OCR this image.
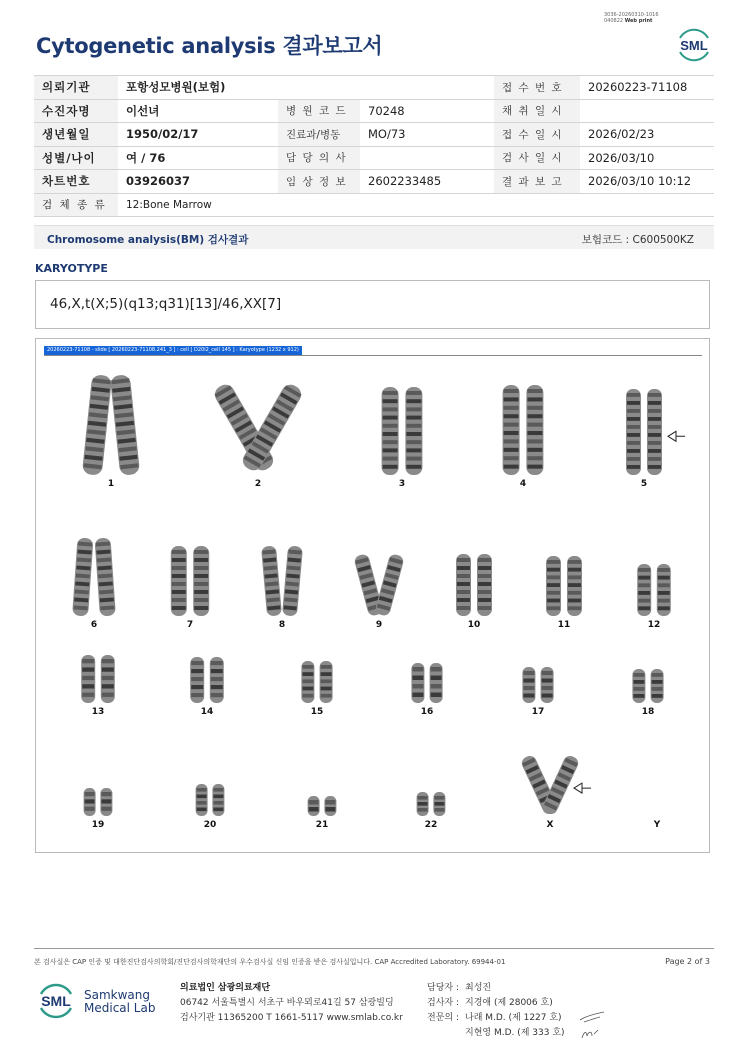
3036-20260310-1016
040822 Web print
Cytogenetic analysis 결과보고서	SML
의뢰기관	포항성모병원(보험)			접 수 번 호	20260223-71108
수진자명	이선녀	병 원 코 드	70248	채 취 일 시	
생년월일	1950/02/17	진료과/병동	MO/73	접 수 일 시	2026/02/23
성별/나이	여 / 76	담 당 의 사		검 사 일 시	2026/03/10
차트번호	03926037	임 상 정 보	2602233485	결 과 보 고	2026/03/10 10:12
검 체 종 류	12:Bone Marrow				
Chromosome analysis(BM) 검사결과	보험코드 : C600500KZ
KARYOTYPE
46,X,t(X;5)(q13;q31)[13]/46,XX[7]
20260223-71108 - slide [ 20260223-71108.241_3 ] : cell [ D20l2_cell 145 ] : Karyotype (1232 x 912)
1	2	3	4	5
6	7	8	9	10	11	12
13	14	15	16	17	18
19	20	21	22	X	Y
본 검사실은 CAP 인증 및 대한진단검사의학회/진단검사의학재단의 우수검사실 신임 인증을 받은 검사실입니다. CAP Accredited Laboratory. 69944-01	Page 2 of 3
SML Samkwang
Medical Lab
의료법인 삼광의료재단
06742 서울특별시 서초구 바우뫼로41길 57 삼광빌딩
검사기관 11365200 T 1661-5117 www.smlab.co.kr
담당자 : 최성진
검사자 : 지경애 (제 28006 호)
전문의 : 나래 M.D. (제 1227 호)
지현영 M.D. (제 333 호)
